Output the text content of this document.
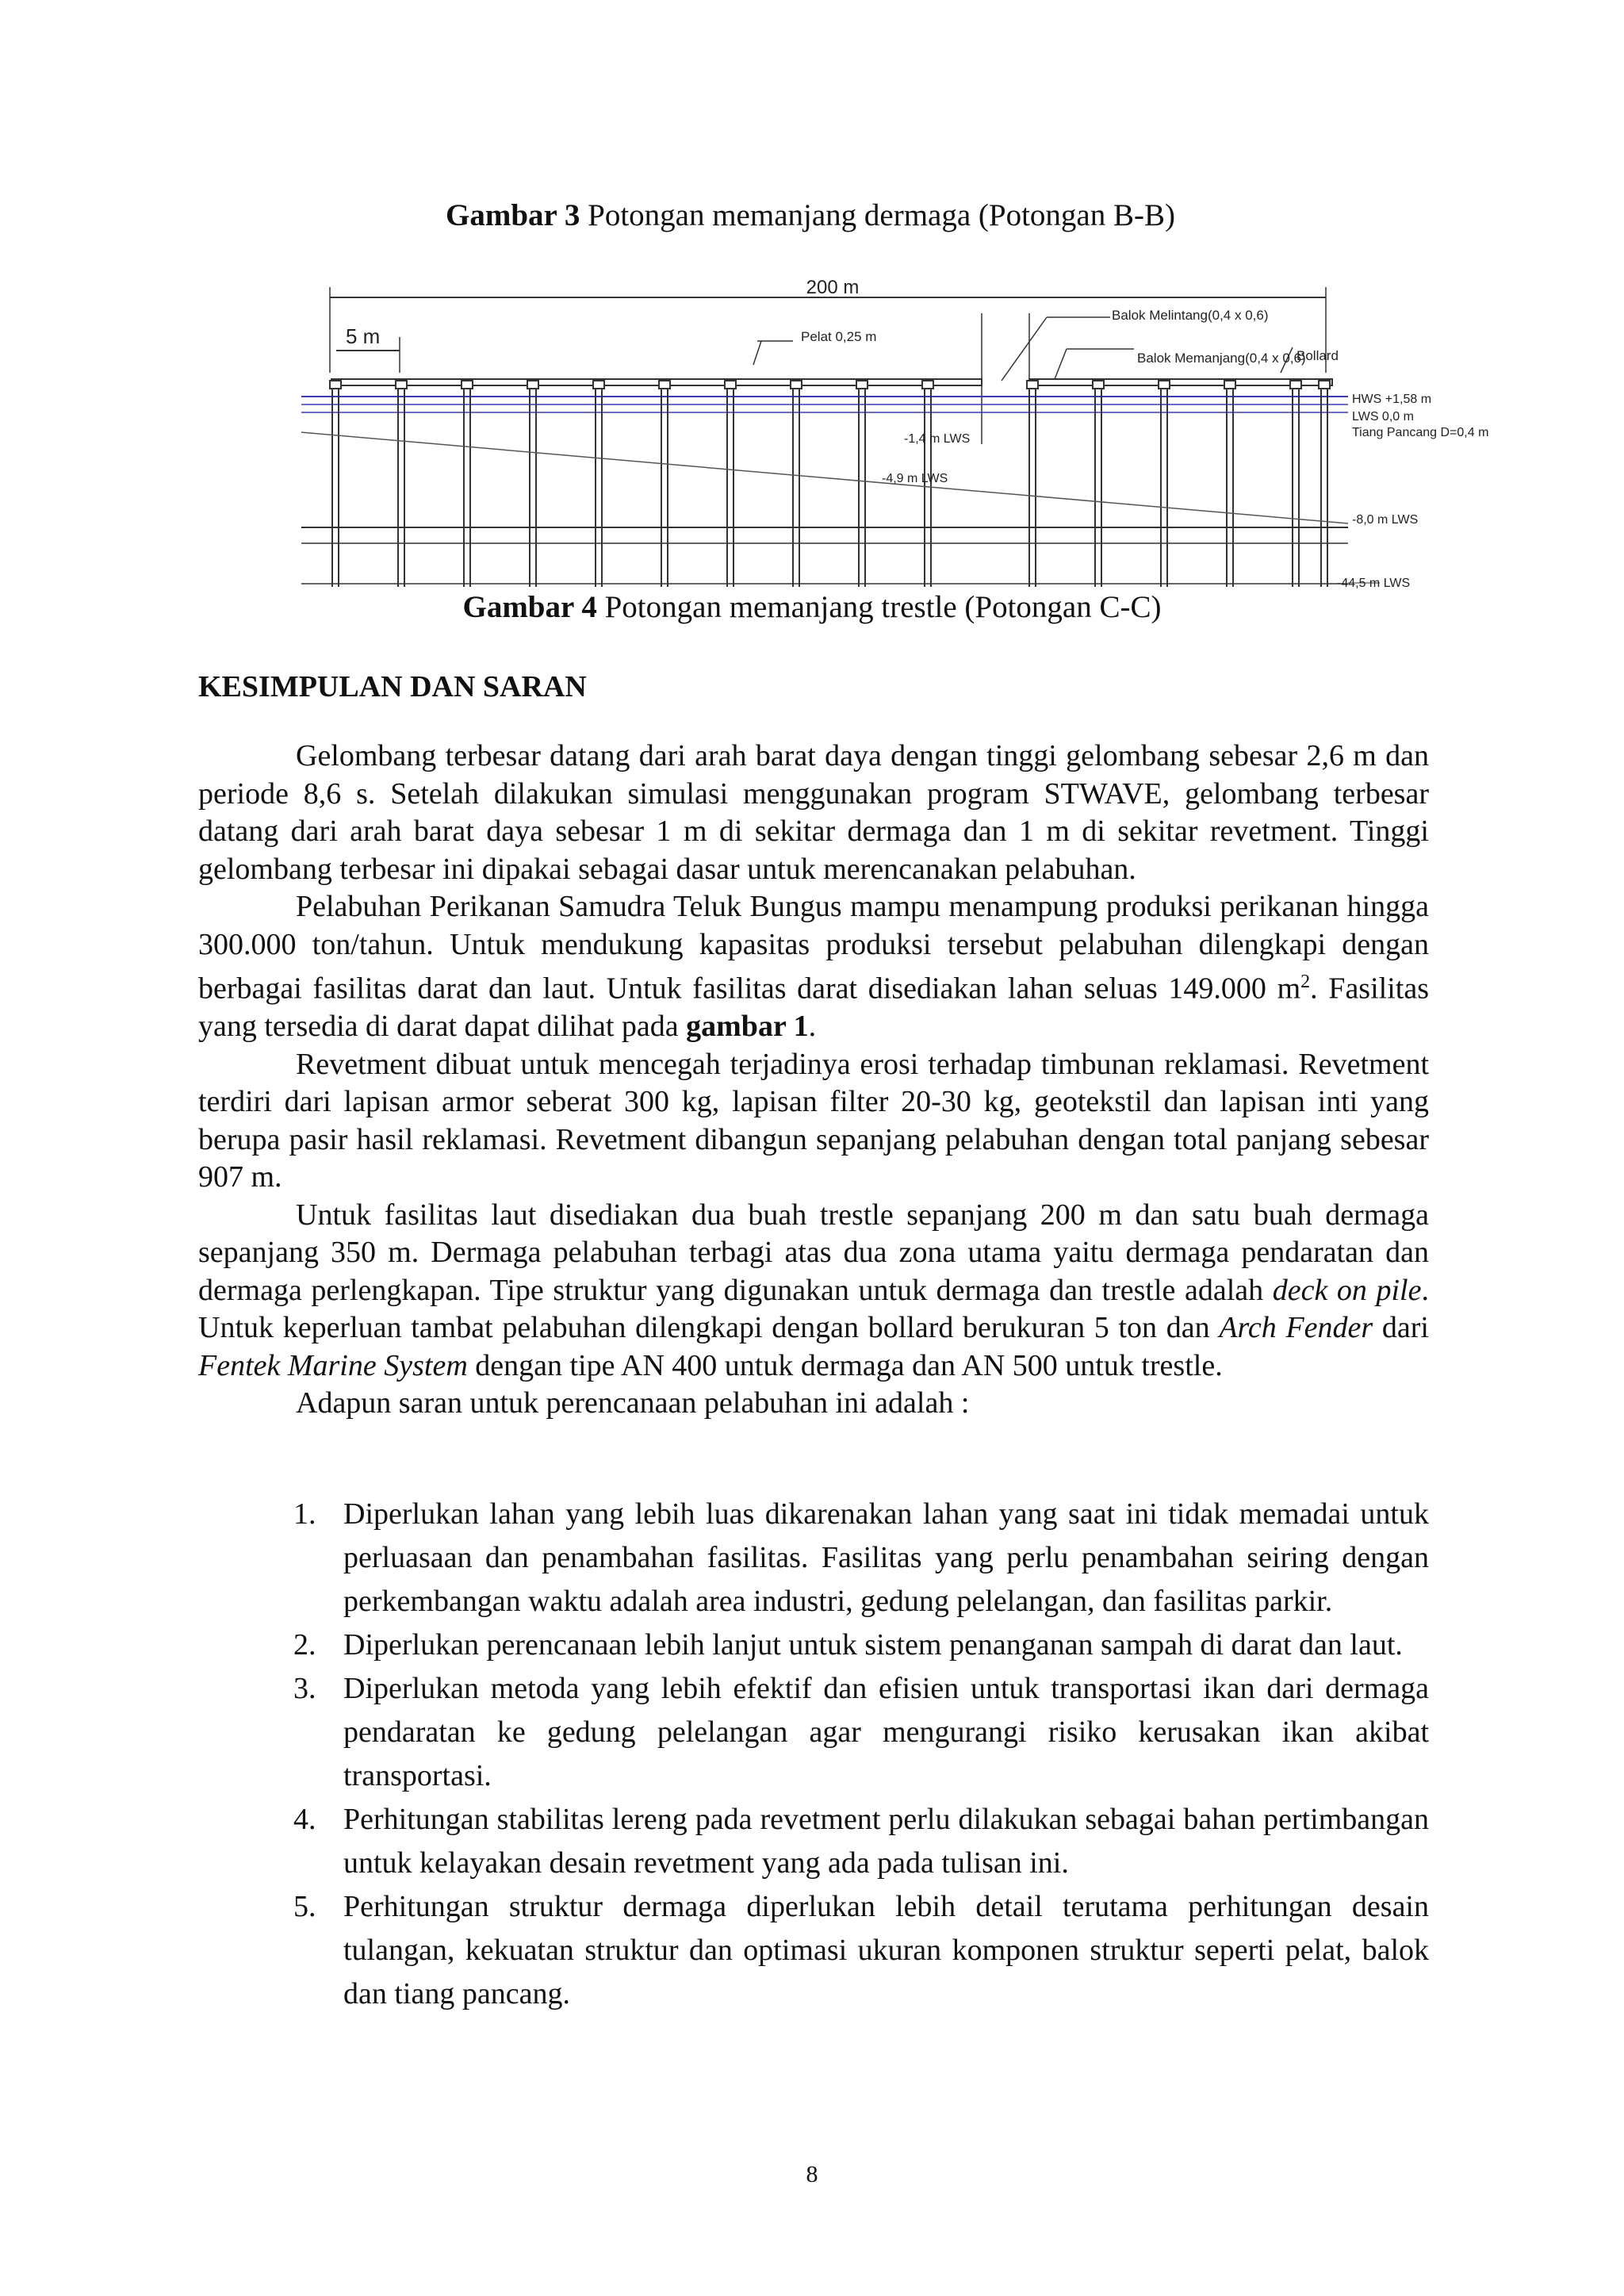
Gambar 3 Potongan memanjang dermaga (Potongan B-B)
200 m
5 m	Pelat 0,25 m
Balok Melintang(0,4 x 0,6)
Balok Memanjang(0,4 x 0,6)
Bollard
HWS +1,58 m
LWS 0,0 m
Tiang Pancang D=0,4 m
-1,4 m LWS
-4,9 m LWS
-8,0 m LWS
-44,5 m LWS
Gambar 4 Potongan memanjang trestle (Potongan C-C)
KESIMPULAN DAN SARAN

Gelombang terbesar datang dari arah barat daya dengan tinggi gelombang sebesar 2,6 m dan periode 8,6 s. Setelah dilakukan simulasi menggunakan program STWAVE, gelombang terbesar datang dari arah barat daya sebesar 1 m di sekitar dermaga dan 1 m di sekitar revetment. Tinggi gelombang terbesar ini dipakai sebagai dasar untuk merencanakan pelabuhan.

Pelabuhan Perikanan Samudra Teluk Bungus mampu menampung produksi perikanan hingga 300.000 ton/tahun. Untuk mendukung kapasitas produksi tersebut pelabuhan dilengkapi dengan berbagai fasilitas darat dan laut. Untuk fasilitas darat disediakan lahan seluas 149.000 $m^2$. Fasilitas yang tersedia di darat dapat dilihat pada gambar 1.

Revetment dibuat untuk mencegah terjadinya erosi terhadap timbunan reklamasi. Revetment terdiri dari lapisan armor seberat 300 kg, lapisan filter 20-30 kg, geotekstil dan lapisan inti yang berupa pasir hasil reklamasi. Revetment dibangun sepanjang pelabuhan dengan total panjang sebesar 907 m.

Untuk fasilitas laut disediakan dua buah trestle sepanjang 200 m dan satu buah dermaga sepanjang 350 m. Dermaga pelabuhan terbagi atas dua zona utama yaitu dermaga pendaratan dan dermaga perlengkapan. Tipe struktur yang digunakan untuk dermaga dan trestle adalah deck on pile. Untuk keperluan tambat pelabuhan dilengkapi dengan bollard berukuran 5 ton dan Arch Fender dari Fentek Marine System dengan tipe AN 400 untuk dermaga dan AN 500 untuk trestle.

Adapun saran untuk perencanaan pelabuhan ini adalah :

1. Diperlukan lahan yang lebih luas dikarenakan lahan yang saat ini tidak memadai untuk perluasaan dan penambahan fasilitas. Fasilitas yang perlu penambahan seiring dengan perkembangan waktu adalah area industri, gedung pelelangan, dan fasilitas parkir.
2. Diperlukan perencanaan lebih lanjut untuk sistem penanganan sampah di darat dan laut.
3. Diperlukan metoda yang lebih efektif dan efisien untuk transportasi ikan dari dermaga pendaratan ke gedung pelelangan agar mengurangi risiko kerusakan ikan akibat transportasi.
4. Perhitungan stabilitas lereng pada revetment perlu dilakukan sebagai bahan pertimbangan untuk kelayakan desain revetment yang ada pada tulisan ini.
5. Perhitungan struktur dermaga diperlukan lebih detail terutama perhitungan desain tulangan, kekuatan struktur dan optimasi ukuran komponen struktur seperti pelat, balok dan tiang pancang.
8
